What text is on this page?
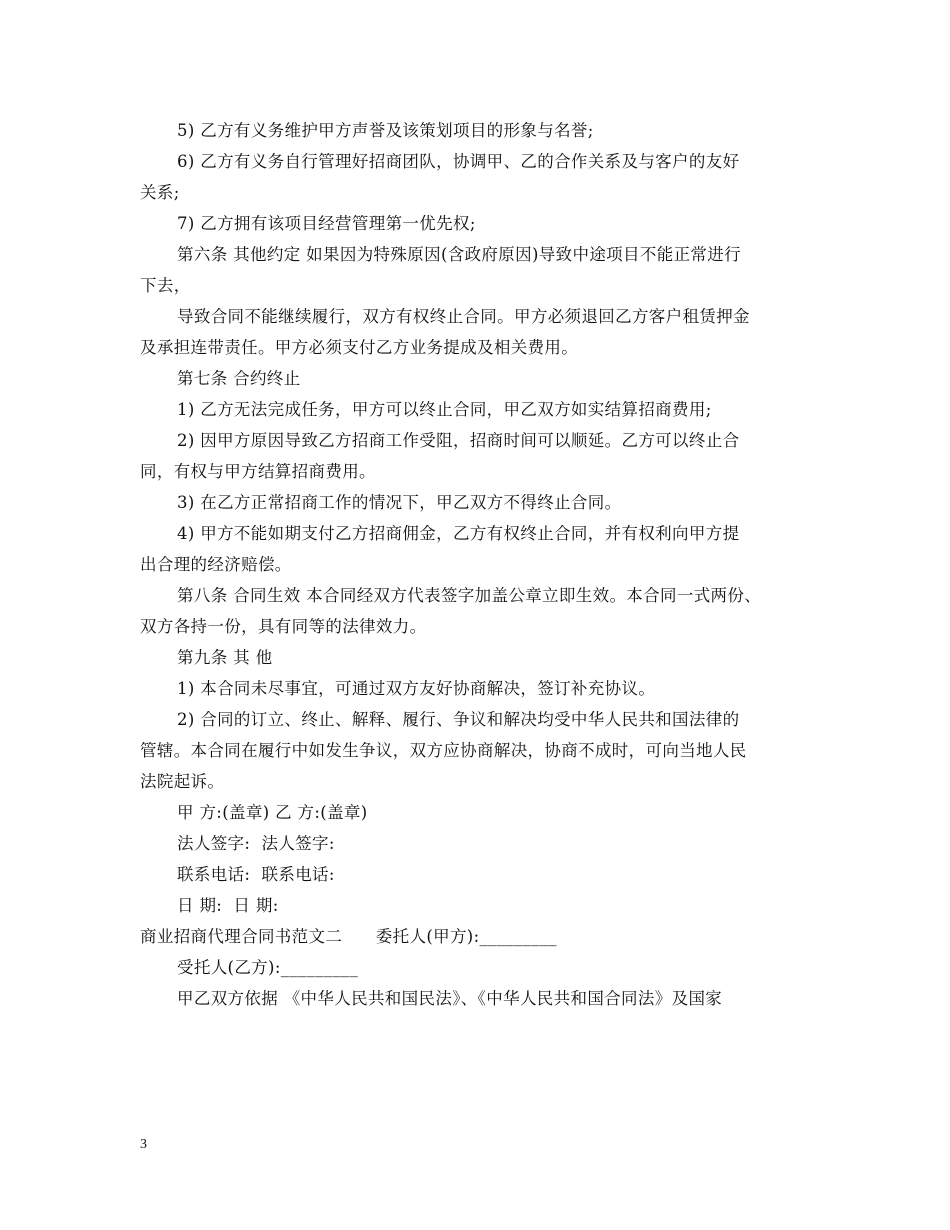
5) 乙方有义务维护甲方声誉及该策划项目的形象与名誉;
6) 乙方有义务自行管理好招商团队，协调甲、乙的合作关系及与客户的友好
关系;
7) 乙方拥有该项目经营管理第一优先权;
第六条 其他约定 如果因为特殊原因(含政府原因)导致中途项目不能正常进行
下去，
导致合同不能继续履行，双方有权终止合同。甲方必须退回乙方客户租赁押金
及承担连带责任。甲方必须支付乙方业务提成及相关费用。
第七条 合约终止
1) 乙方无法完成任务，甲方可以终止合同，甲乙双方如实结算招商费用;
2) 因甲方原因导致乙方招商工作受阻，招商时间可以顺延。乙方可以终止合
同，有权与甲方结算招商费用。
3) 在乙方正常招商工作的情况下，甲乙双方不得终止合同。
4) 甲方不能如期支付乙方招商佣金，乙方有权终止合同，并有权利向甲方提
出合理的经济赔偿。
第八条 合同生效 本合同经双方代表签字加盖公章立即生效。本合同一式两份、
双方各持一份，具有同等的法律效力。
第九条 其 他
1) 本合同未尽事宜，可通过双方友好协商解决，签订补充协议。
2) 合同的订立、终止、解释、履行、争议和解决均受中华人民共和国法律的
管辖。本合同在履行中如发生争议，双方应协商解决，协商不成时，可向当地人民
法院起诉。
甲 方:(盖章) 乙 方:(盖章)
法人签字:  法人签字:
联系电话:  联系电话:
日 期:  日 期:
商业招商代理合同书范文二      委托人(甲方):_________
受托人(乙方):_________
甲乙双方依据 《中华人民共和国民法》、《中华人民共和国合同法》及国家
3
